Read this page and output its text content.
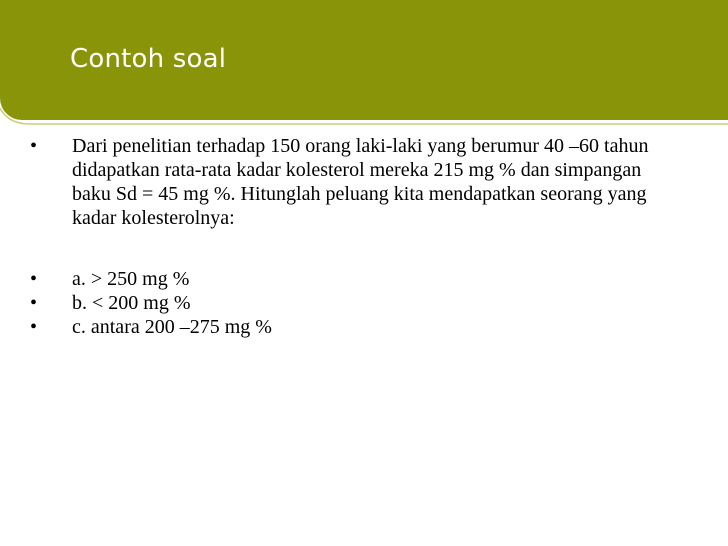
Contoh soal
•	Dari penelitian terhadap 150 orang laki-laki yang berumur 40 –60 tahun didapatkan rata-rata kadar kolesterol mereka 215 mg % dan simpangan baku Sd = 45 mg %. Hitunglah peluang kita mendapatkan seorang yang kadar kolesterolnya:
•	a. > 250 mg %
•	b. < 200 mg %
•	c. antara 200 –275 mg %
